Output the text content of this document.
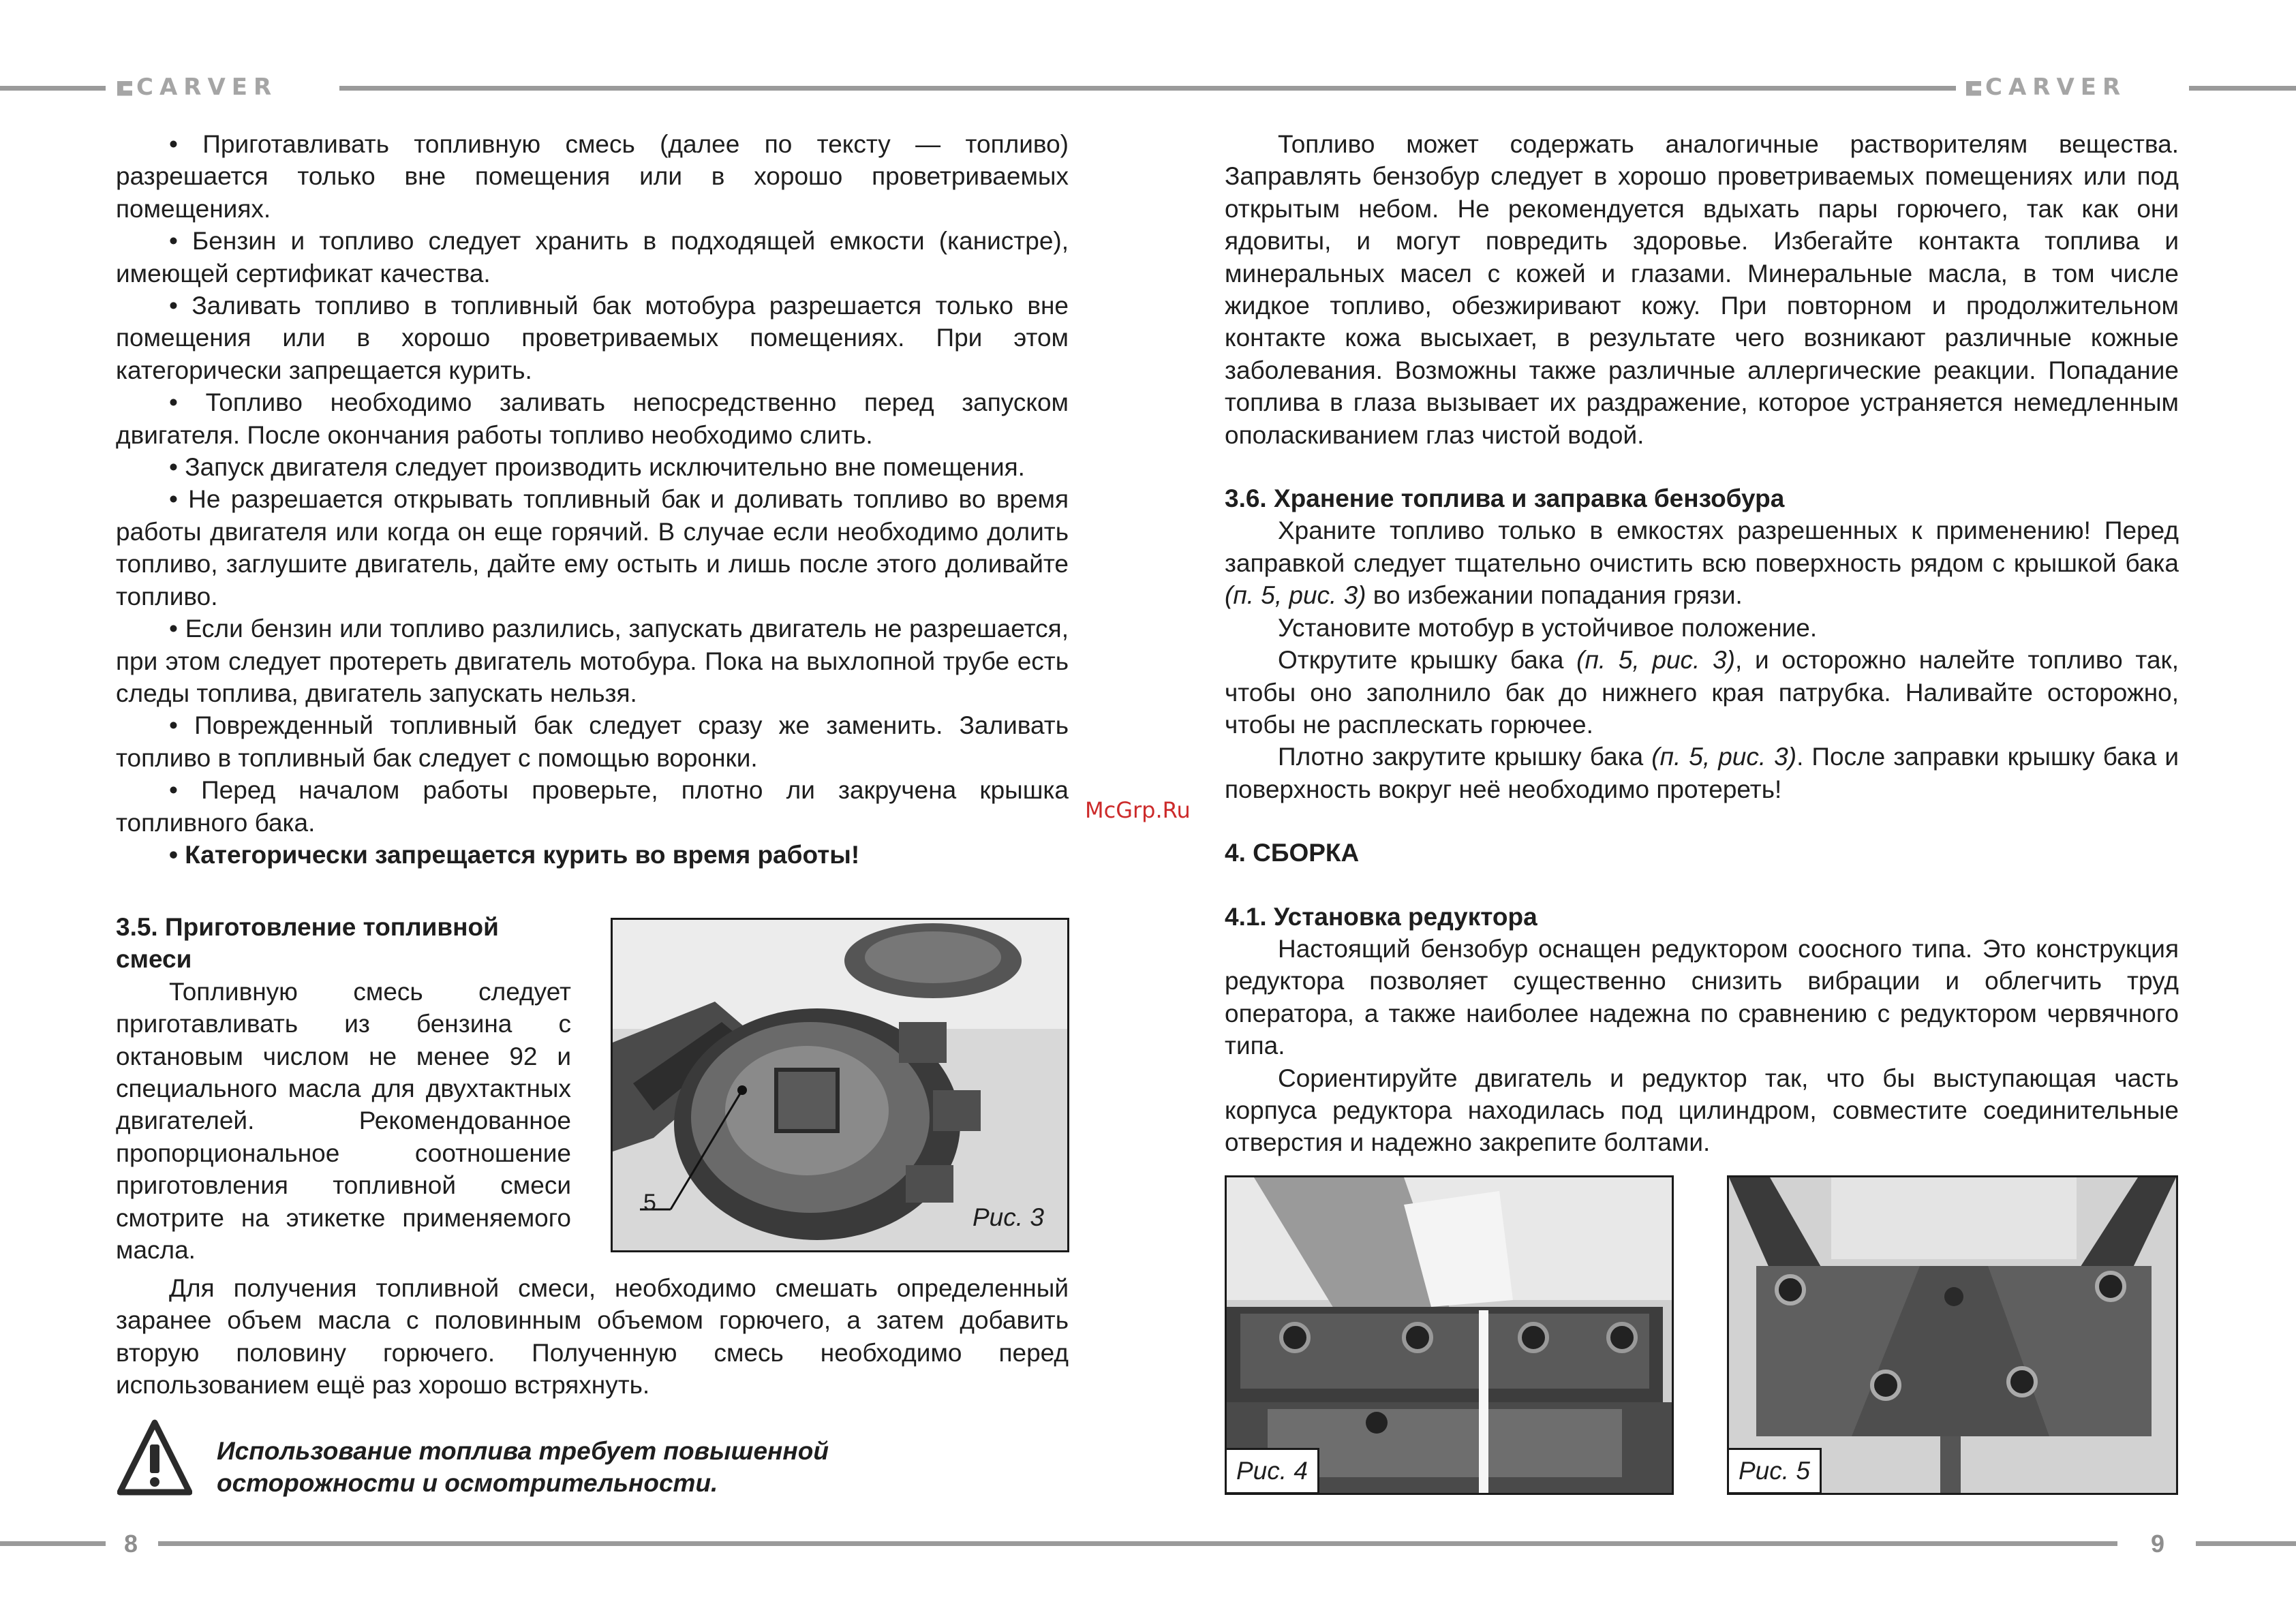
CARVER	CARVER
8	9

• Приготавливать топливную смесь (далее по тексту — топливо) разрешается только вне помещения или в хорошо проветриваемых помещениях.

• Бензин и топливо следует хранить в подходящей емкости (канистре), имеющей сертификат качества.

• Заливать топливо в топливный бак мотобура разрешается только вне помещения или в хорошо проветриваемых помещениях. При этом категорически запрещается курить.

• Топливо необходимо заливать непосредственно перед запуском двигателя. После окончания работы топливо необходимо слить.

• Запуск двигателя следует производить исключительно вне помещения.

• Не разрешается открывать топливный бак и доливать топливо во время работы двигателя или когда он еще горячий. В случае если необходимо долить топливо, заглушите двигатель, дайте ему остыть и лишь после этого доливайте топливо.

• Если бензин или топливо разлились, запускать двигатель не разрешается, при этом следует протереть двигатель мотобура. Пока на выхлопной трубе есть следы топлива, двигатель запускать нельзя.

• Поврежденный топливный бак следует сразу же заменить. Заливать топливо в топливный бак следует с помощью воронки.

• Перед началом работы проверьте, плотно ли закручена крышка топливного бака.

• Категорически запрещается курить во время работы!

3.5. Приготовление топливной смеси

Топливную смесь следует приготавливать из бензина с октановым числом не менее 92 и специального масла для двухтактных двигателей. Рекомендованное пропорциональное соотношение приготовления топливной смеси смотрите на этикетке применяемого масла.

Для получения топливной смеси, необходимо смешать определенный заранее объем масла с половинным объемом горючего, а затем добавить вторую половину горючего. Полученную смесь необходимо перед использованием ещё раз хорошо встряхнуть.

5
Рис. 3
Использование топлива требует повышенной осторожности и осмотрительности.
McGrp.Ru

Топливо может содержать аналогичные растворителям вещества. Заправлять бензобур следует в хорошо проветриваемых помещениях или под открытым небом. Не рекомендуется вдыхать пары горючего, так как они ядовиты, и могут повредить здоровье. Избегайте контакта топлива и минеральных масел с кожей и глазами. Минеральные масла, в том числе жидкое топливо, обезжиривают кожу. При повторном и продолжительном контакте кожа высыхает, в результате чего возникают различные кожные заболевания. Возможны также различные аллергические реакции. Попадание топлива в глаза вызывает их раздражение, которое устраняется немедленным ополаскиванием глаз чистой водой.

3.6. Хранение топлива и заправка бензобура

Храните топливо только в емкостях разрешенных к применению! Перед заправкой следует тщательно очистить всю поверхность рядом с крышкой бака (п. 5, рис. 3) во избежании попадания грязи.

Установите мотобур в устойчивое положение.

Открутите крышку бака (п. 5, рис. 3), и осторожно налейте топливо так, чтобы оно заполнило бак до нижнего края патрубка. Наливайте осторожно, чтобы не расплескать горючее.

Плотно закрутите крышку бака (п. 5, рис. 3). После заправки крышку бака и поверхность вокруг неё необходимо протереть!

4. СБОРКА

4.1. Установка редуктора

Настоящий бензобур оснащен редуктором соосного типа. Это конструкция редуктора позволяет существенно снизить вибрации и облегчить труд оператора, а также наиболее надежна по сравнению с редуктором червячного типа.

Сориентируйте двигатель и редуктор так, что бы выступающая часть корпуса редуктора находилась под цилиндром, совместите соединительные отверстия и надежно закрепите болтами.

Рис. 4	Рис. 5
